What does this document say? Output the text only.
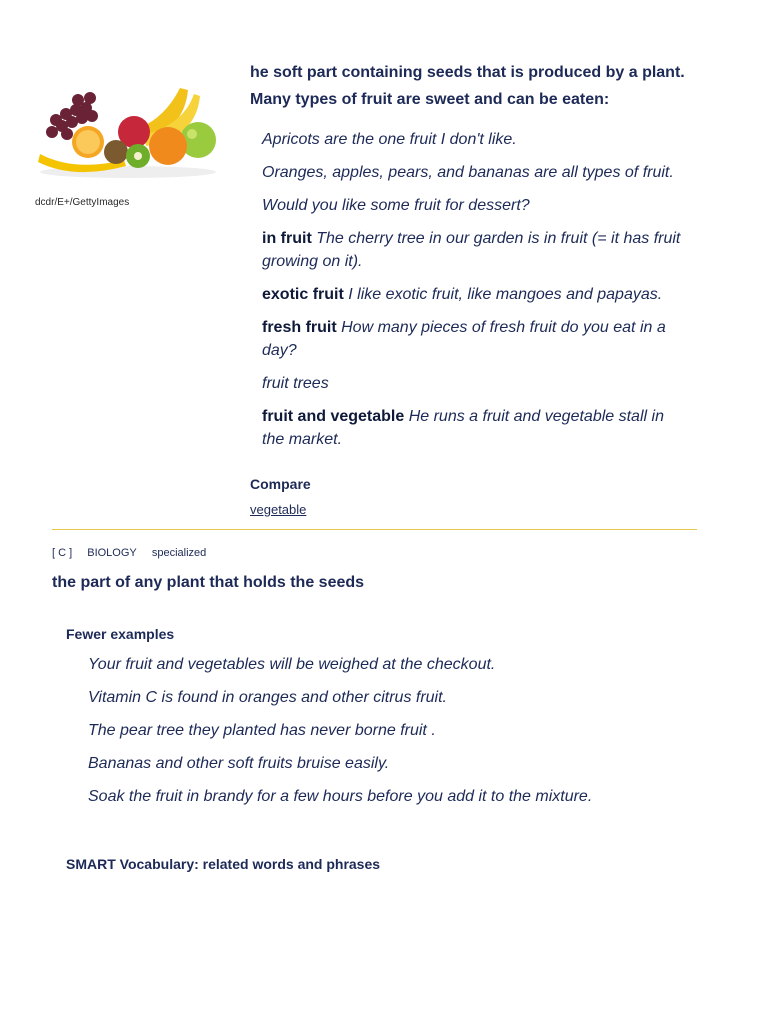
dcdr/E+/GettyImages
he soft part containing seeds that is produced by a plant.
Many types of fruit are sweet and can be eaten:
Apricots are the one fruit I don't like.
Oranges, apples, pears, and bananas are all types of fruit.
Would you like some fruit for dessert?
in fruit The cherry tree in our garden is in fruit (= it has fruit growing on it).
exotic fruit I like exotic fruit, like mangoes and papayas.
fresh fruit How many pieces of fresh fruit do you eat in a day?
fruit trees
fruit and vegetable He runs a fruit and vegetable stall in the market.
Compare
vegetable
[ C ] BIOLOGY specialized
the part of any plant that holds the seeds
Fewer examples
Your fruit and vegetables will be weighed at the checkout.
Vitamin C is found in oranges and other citrus fruit.
The pear tree they planted has never borne fruit .
Bananas and other soft fruits bruise easily.
Soak the fruit in brandy for a few hours before you add it to the mixture.
SMART Vocabulary: related words and phrases
